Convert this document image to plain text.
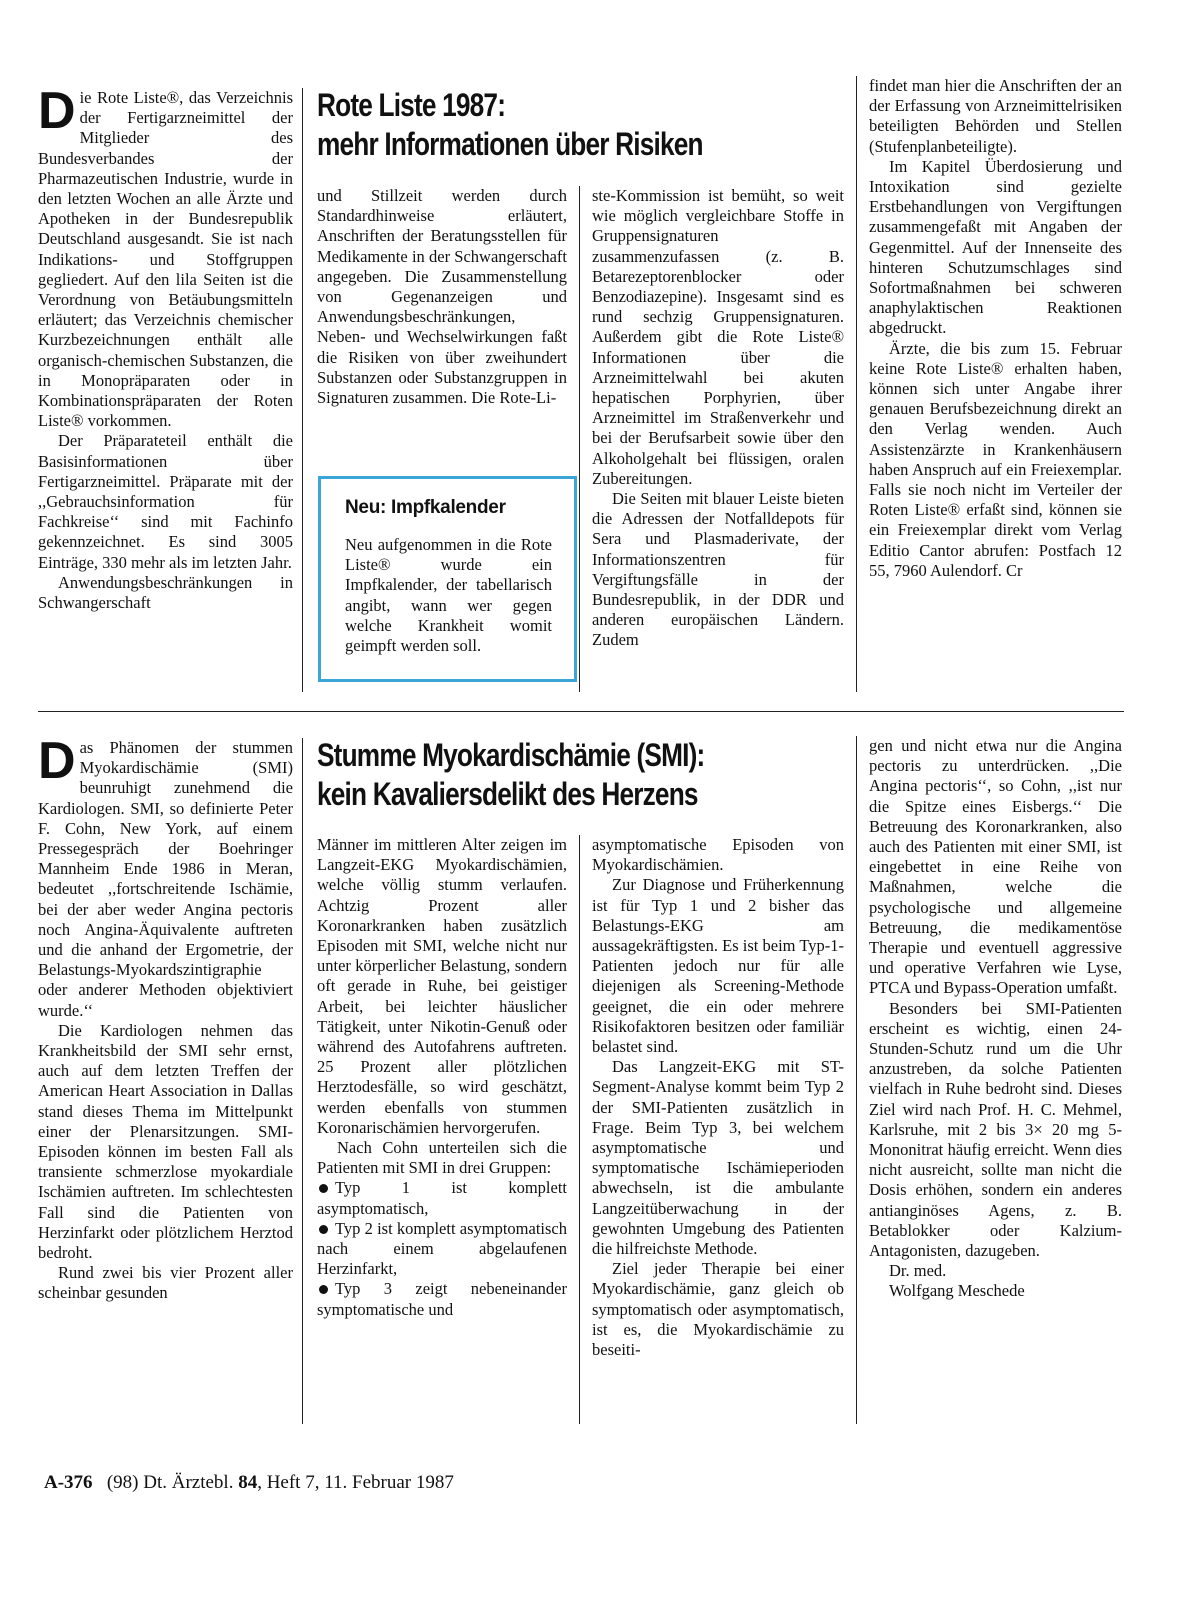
Die Rote Liste®, das Verzeichnis der Fertigarzneimittel der Mitglieder des Bundesverbandes der Pharmazeutischen Industrie, wurde in den letzten Wochen an alle Ärzte und Apotheken in der Bundesrepublik Deutschland ausgesandt. Sie ist nach Indikations- und Stoffgruppen gegliedert. Auf den lila Seiten ist die Verordnung von Betäubungsmitteln erläutert; das Verzeichnis chemischer Kurzbezeichnungen enthält alle organisch-chemischen Substanzen, die in Monopräparaten oder in Kombinationspräparaten der Roten Liste® vorkommen.

Der Präparateteil enthält die Basisinformationen über Fertigarzneimittel. Präparate mit der ,,Gebrauchsinformation für Fachkreise‘‘ sind mit Fachinfo gekennzeichnet. Es sind 3005 Einträge, 330 mehr als im letzten Jahr.

Anwendungsbeschränkungen in Schwangerschaft

Rote Liste 1987:
mehr Informationen über Risiken

und Stillzeit werden durch Standardhinweise erläutert, Anschriften der Beratungsstellen für Medikamente in der Schwangerschaft angegeben. Die Zusammenstellung von Gegenanzeigen und Anwendungsbeschränkungen, Neben- und Wechselwirkungen faßt die Risiken von über zweihundert Substanzen oder Substanzgruppen in Signaturen zusammen. Die Rote-Li-

Neu: Impfkalender

Neu aufgenommen in die Rote Liste® wurde ein Impfkalender, der tabellarisch angibt, wann wer gegen welche Krankheit womit geimpft werden soll.

ste-Kommission ist bemüht, so weit wie möglich vergleichbare Stoffe in Gruppensignaturen zusammenzufassen (z. B. Betarezeptorenblocker oder Benzodiazepine). Insgesamt sind es rund sechzig Gruppensignaturen. Außerdem gibt die Rote Liste® Informationen über die Arzneimittelwahl bei akuten hepatischen Porphyrien, über Arzneimittel im Straßenverkehr und bei der Berufsarbeit sowie über den Alkoholgehalt bei flüssigen, oralen Zubereitungen.

Die Seiten mit blauer Leiste bieten die Adressen der Notfalldepots für Sera und Plasmaderivate, der Informationszentren für Vergiftungsfälle in der Bundesrepublik, in der DDR und anderen europäischen Ländern. Zudem

findet man hier die Anschriften der an der Erfassung von Arzneimittelrisiken beteiligten Behörden und Stellen (Stufenplanbeteiligte).

Im Kapitel Überdosierung und Intoxikation sind gezielte Erstbehandlungen von Vergiftungen zusammengefaßt mit Angaben der Gegenmittel. Auf der Innenseite des hinteren Schutzumschlages sind Sofortmaßnahmen bei schweren anaphylaktischen Reaktionen abgedruckt.

Ärzte, die bis zum 15. Februar keine Rote Liste® erhalten haben, können sich unter Angabe ihrer genauen Berufsbezeichnung direkt an den Verlag wenden. Auch Assistenzärzte in Krankenhäusern haben Anspruch auf ein Freiexemplar. Falls sie noch nicht im Verteiler der Roten Liste® erfaßt sind, können sie ein Freiexemplar direkt vom Verlag Editio Cantor abrufen: Postfach 12 55, 7960 Aulendorf. Cr

Das Phänomen der stummen Myokardischämie (SMI) beunruhigt zunehmend die Kardiologen. SMI, so definierte Peter F. Cohn, New York, auf einem Pressegespräch der Boehringer Mannheim Ende 1986 in Meran, bedeutet ,,fortschreitende Ischämie, bei der aber weder Angina pectoris noch Angina-Äquivalente auftreten und die anhand der Ergometrie, der Belastungs-Myokardszintigraphie oder anderer Methoden objektiviert wurde.‘‘

Die Kardiologen nehmen das Krankheitsbild der SMI sehr ernst, auch auf dem letzten Treffen der American Heart Association in Dallas stand dieses Thema im Mittelpunkt einer der Plenarsitzungen. SMI-Episoden können im besten Fall als transiente schmerzlose myokardiale Ischämien auftreten. Im schlechtesten Fall sind die Patienten von Herzinfarkt oder plötzlichem Herztod bedroht.

Rund zwei bis vier Prozent aller scheinbar gesunden

Stumme Myokardischämie (SMI):
kein Kavaliersdelikt des Herzens

Männer im mittleren Alter zeigen im Langzeit-EKG Myokardischämien, welche völlig stumm verlaufen. Achtzig Prozent aller Koronarkranken haben zusätzlich Episoden mit SMI, welche nicht nur unter körperlicher Belastung, sondern oft gerade in Ruhe, bei geistiger Arbeit, bei leichter häuslicher Tätigkeit, unter Nikotin-Genuß oder während des Autofahrens auftreten. 25 Prozent aller plötzlichen Herztodesfälle, so wird geschätzt, werden ebenfalls von stummen Koronarischämien hervorgerufen.

Nach Cohn unterteilen sich die Patienten mit SMI in drei Gruppen:

Typ 1 ist komplett asymptomatisch,

Typ 2 ist komplett asymptomatisch nach einem abgelaufenen Herzinfarkt,

Typ 3 zeigt nebeneinander symptomatische und

asymptomatische Episoden von Myokardischämien.

Zur Diagnose und Früherkennung ist für Typ 1 und 2 bisher das Belastungs-EKG am aussagekräftigsten. Es ist beim Typ-1-Patienten jedoch nur für alle diejenigen als Screening-Methode geeignet, die ein oder mehrere Risikofaktoren besitzen oder familiär belastet sind.

Das Langzeit-EKG mit ST-Segment-Analyse kommt beim Typ 2 der SMI-Patienten zusätzlich in Frage. Beim Typ 3, bei welchem asymptomatische und symptomatische Ischämieperioden abwechseln, ist die ambulante Langzeitüberwachung in der gewohnten Umgebung des Patienten die hilfreichste Methode.

Ziel jeder Therapie bei einer Myokardischämie, ganz gleich ob symptomatisch oder asymptomatisch, ist es, die Myokardischämie zu beseiti-

gen und nicht etwa nur die Angina pectoris zu unterdrücken. ,,Die Angina pectoris‘‘, so Cohn, ,,ist nur die Spitze eines Eisbergs.‘‘ Die Betreuung des Koronarkranken, also auch des Patienten mit einer SMI, ist eingebettet in eine Reihe von Maßnahmen, welche die psychologische und allgemeine Betreuung, die medikamentöse Therapie und eventuell aggressive und operative Verfahren wie Lyse, PTCA und Bypass-Operation umfaßt.

Besonders bei SMI-Patienten erscheint es wichtig, einen 24-Stunden-Schutz rund um die Uhr anzustreben, da solche Patienten vielfach in Ruhe bedroht sind. Dieses Ziel wird nach Prof. H. C. Mehmel, Karlsruhe, mit 2 bis 3× 20 mg 5-Mononitrat häufig erreicht. Wenn dies nicht ausreicht, sollte man nicht die Dosis erhöhen, sondern ein anderes antianginöses Agens, z. B. Betablokker oder Kalzium-Antagonisten, dazugeben.

Dr. med.

Wolfgang Meschede

A-376 (98) Dt. Ärztebl. 84, Heft 7, 11. Februar 1987
